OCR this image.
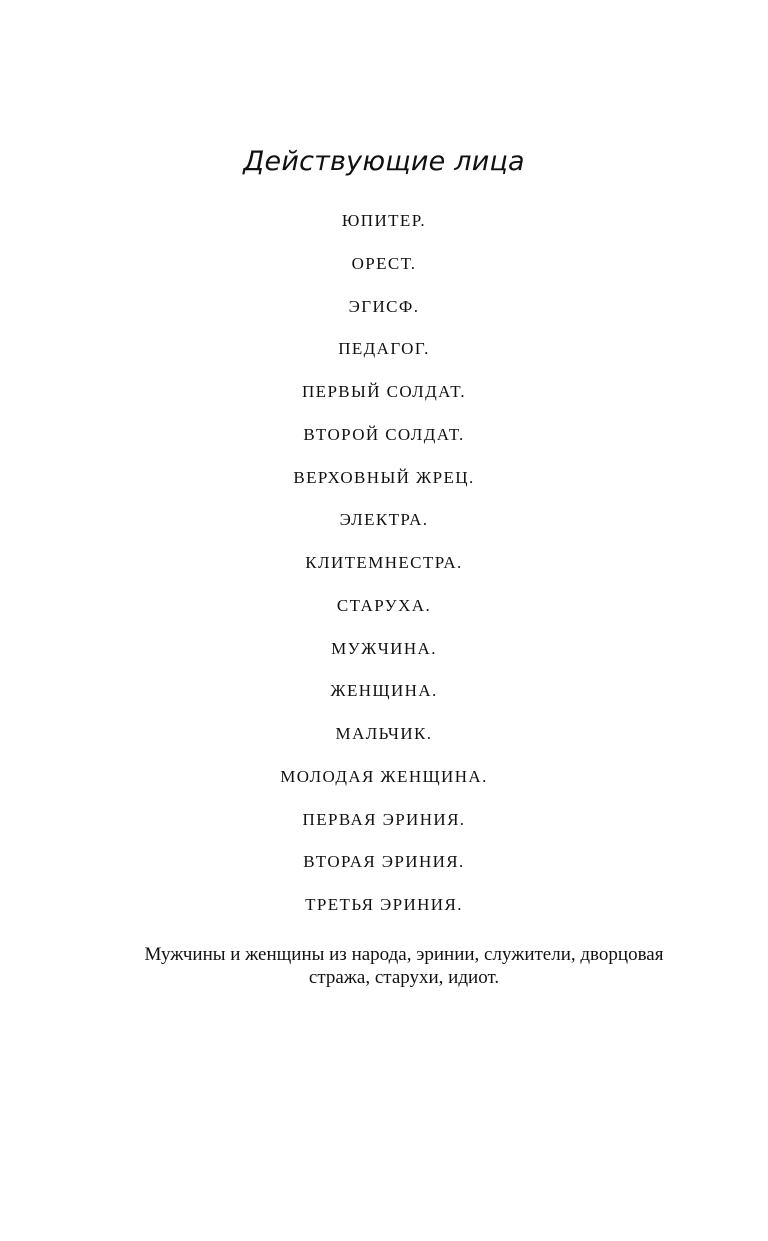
Действующие лица
ЮПИТЕР.
ОРЕСТ.
ЭГИСФ.
ПЕДАГОГ.
ПЕРВЫЙ СОЛДАТ.
ВТОРОЙ СОЛДАТ.
ВЕРХОВНЫЙ ЖРЕЦ.
ЭЛЕКТРА.
КЛИТЕМНЕСТРА.
СТАРУХА.
МУЖЧИНА.
ЖЕНЩИНА.
МАЛЬЧИК.
МОЛОДАЯ ЖЕНЩИНА.
ПЕРВАЯ ЭРИНИЯ.
ВТОРАЯ ЭРИНИЯ.
ТРЕТЬЯ ЭРИНИЯ.
Мужчины и женщины из народа, эринии, служители, дворцовая
стража, старухи, идиот.
